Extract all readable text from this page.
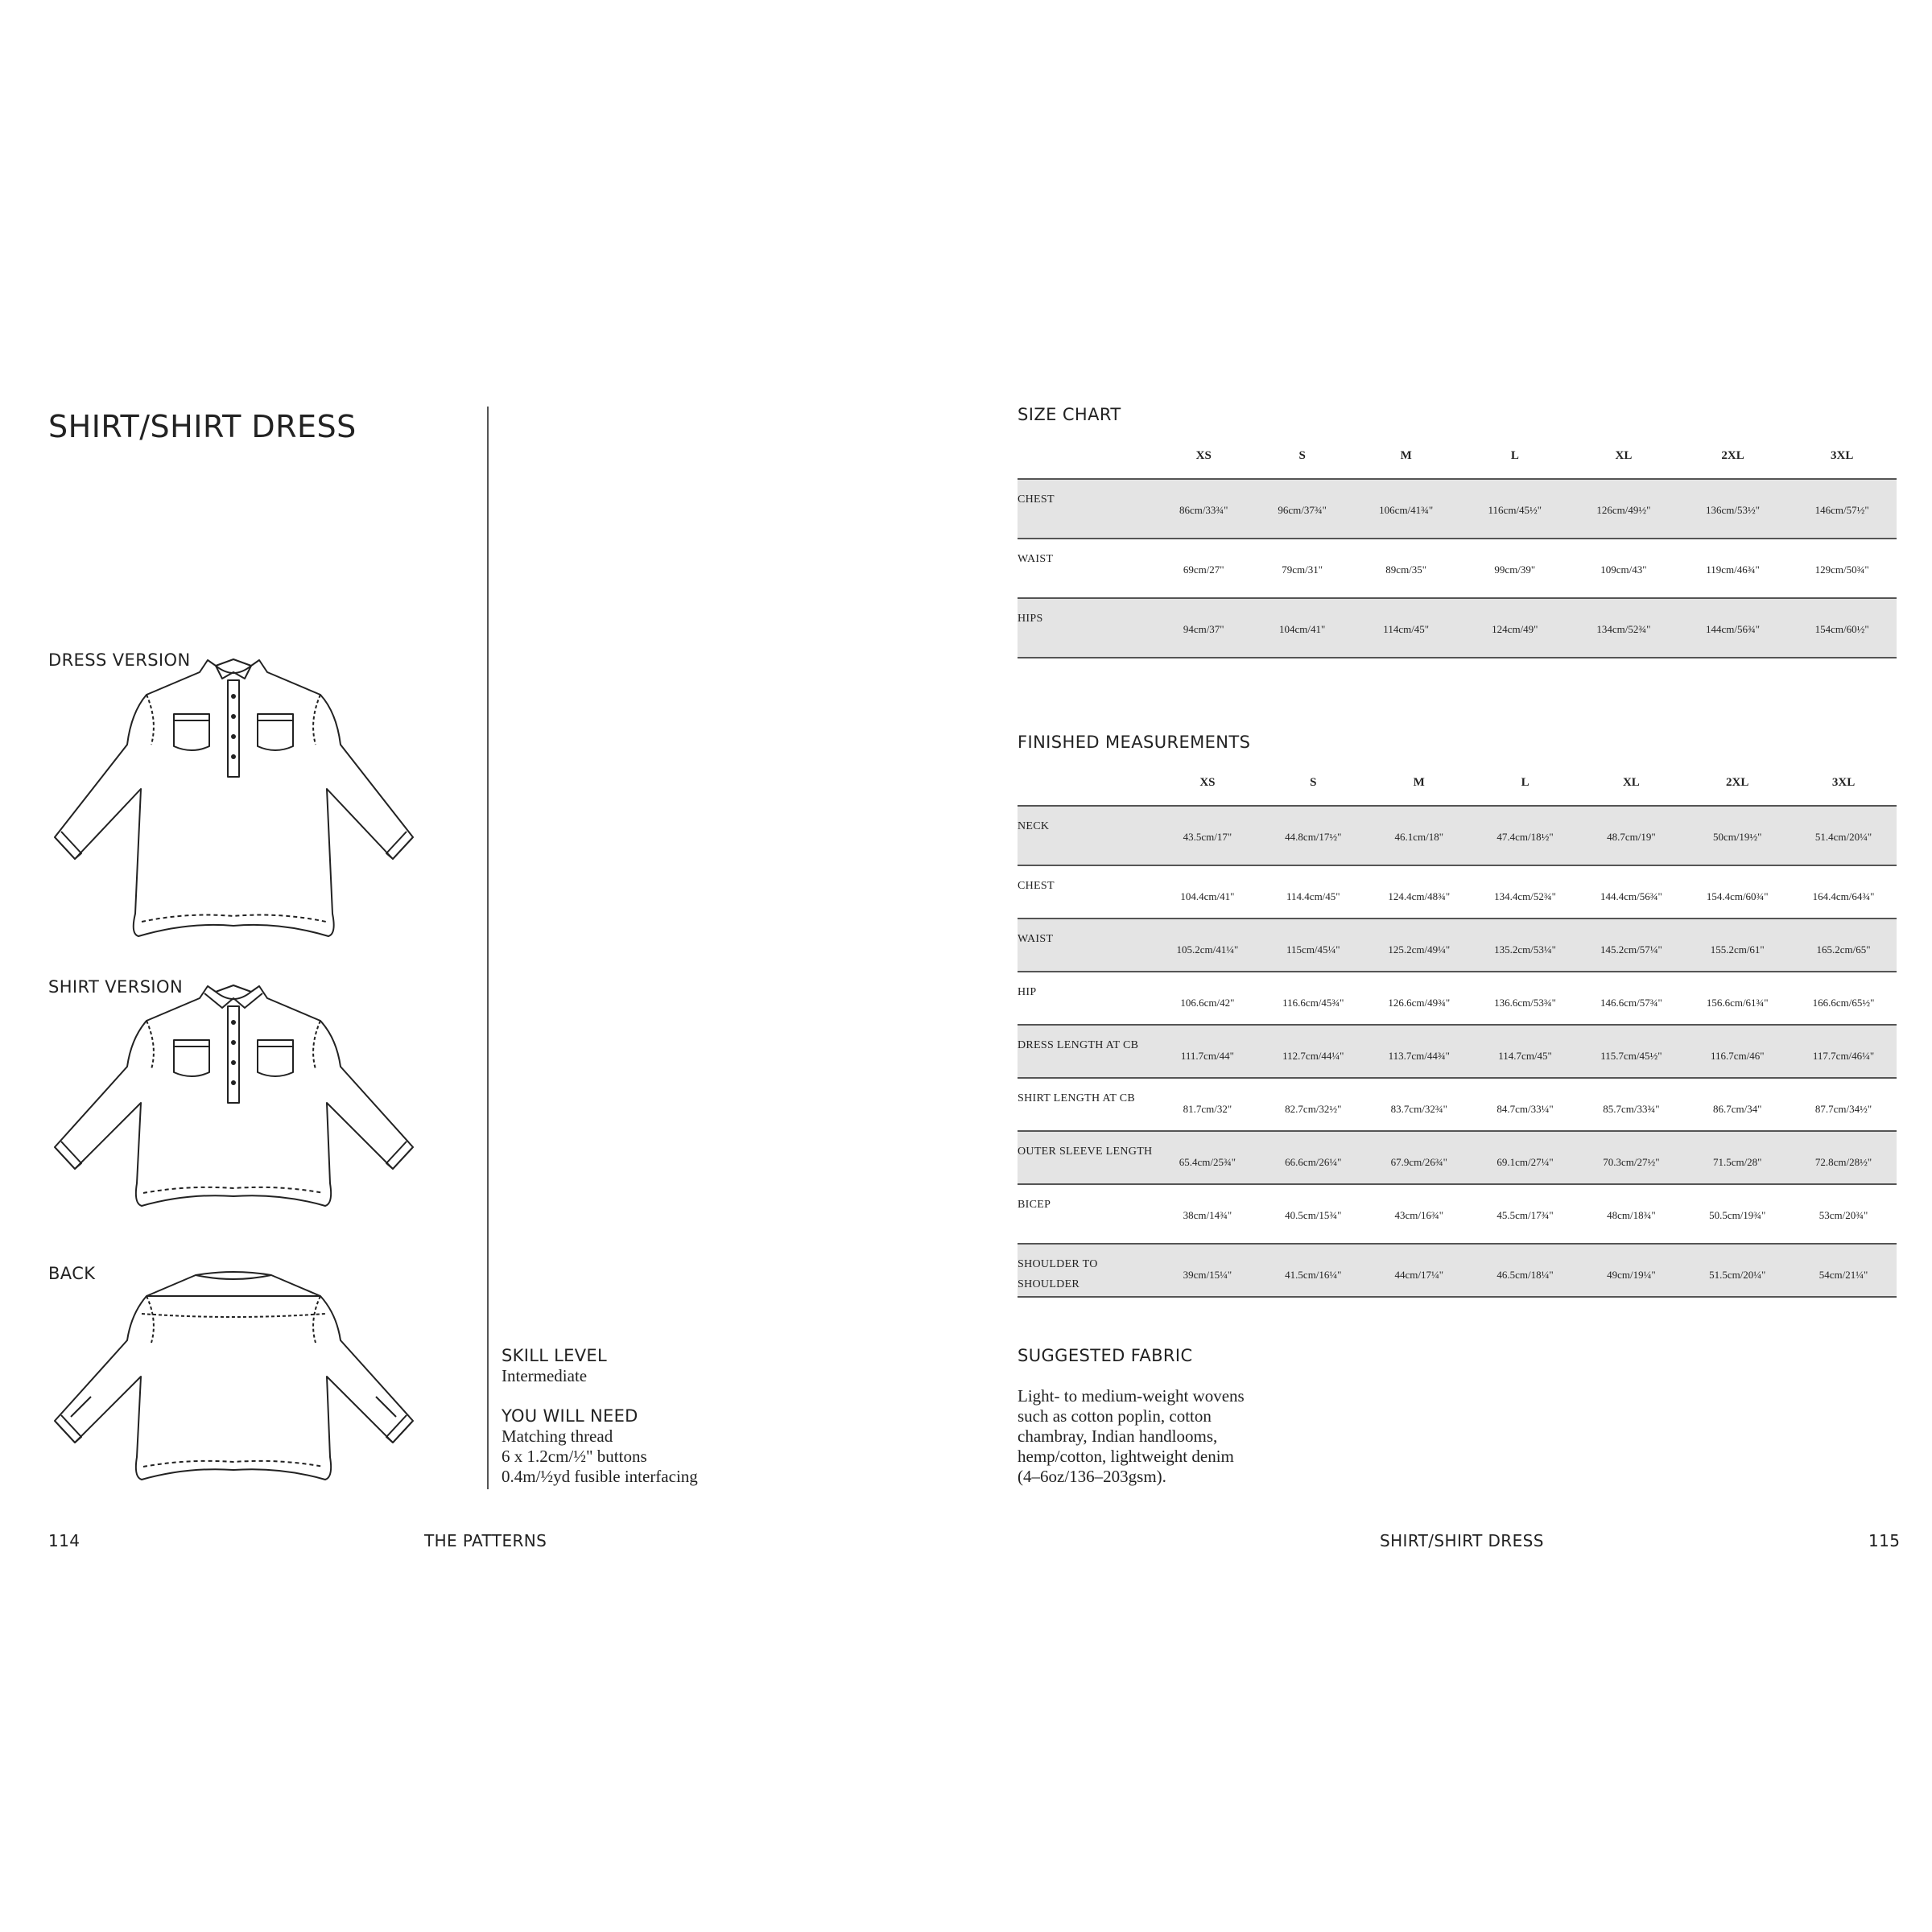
SHIRT/SHIRT DRESS
DRESS VERSION
SHIRT VERSION
BACK
SKILL LEVEL
Intermediate
YOU WILL NEED
Matching thread
6 x 1.2cm/½" buttons
0.4m/½yd fusible interfacing
114	THE PATTERNS
SIZE CHART
	XS	S	M	L	XL	2XL	3XL
CHEST	86cm/33¾"	96cm/37¾"	106cm/41¾"	116cm/45½"	126cm/49½"	136cm/53½"	146cm/57½"
WAIST	69cm/27"	79cm/31"	89cm/35"	99cm/39"	109cm/43"	119cm/46¾"	129cm/50¾"
HIPS	94cm/37"	104cm/41"	114cm/45"	124cm/49"	134cm/52¾"	144cm/56¾"	154cm/60½"
FINISHED MEASUREMENTS
	XS	S	M	L	XL	2XL	3XL
NECK	43.5cm/17"	44.8cm/17½"	46.1cm/18"	47.4cm/18½"	48.7cm/19"	50cm/19½"	51.4cm/20¼"
CHEST	104.4cm/41"	114.4cm/45"	124.4cm/48¾"	134.4cm/52¾"	144.4cm/56¾"	154.4cm/60¾"	164.4cm/64¾"
WAIST	105.2cm/41¼"	115cm/45¼"	125.2cm/49¼"	135.2cm/53¼"	145.2cm/57¼"	155.2cm/61"	165.2cm/65"
HIP	106.6cm/42"	116.6cm/45¾"	126.6cm/49¾"	136.6cm/53¾"	146.6cm/57¾"	156.6cm/61¾"	166.6cm/65½"
DRESS LENGTH AT CB	111.7cm/44"	112.7cm/44¼"	113.7cm/44¾"	114.7cm/45"	115.7cm/45½"	116.7cm/46"	117.7cm/46¼"
SHIRT LENGTH AT CB	81.7cm/32"	82.7cm/32½"	83.7cm/32¾"	84.7cm/33¼"	85.7cm/33¾"	86.7cm/34"	87.7cm/34½"
OUTER SLEEVE LENGTH	65.4cm/25¾"	66.6cm/26¼"	67.9cm/26¾"	69.1cm/27¼"	70.3cm/27½"	71.5cm/28"	72.8cm/28½"
BICEP	38cm/14¾"	40.5cm/15¾"	43cm/16¾"	45.5cm/17¾"	48cm/18¾"	50.5cm/19¾"	53cm/20¾"
SHOULDER TO SHOULDER	39cm/15¼"	41.5cm/16¼"	44cm/17¼"	46.5cm/18¼"	49cm/19¼"	51.5cm/20¼"	54cm/21¼"
SUGGESTED FABRIC
Light- to medium-weight wovens
such as cotton poplin, cotton
chambray, Indian handlooms,
hemp/cotton, lightweight denim
(4–6oz/136–203gsm).
SHIRT/SHIRT DRESS	115
